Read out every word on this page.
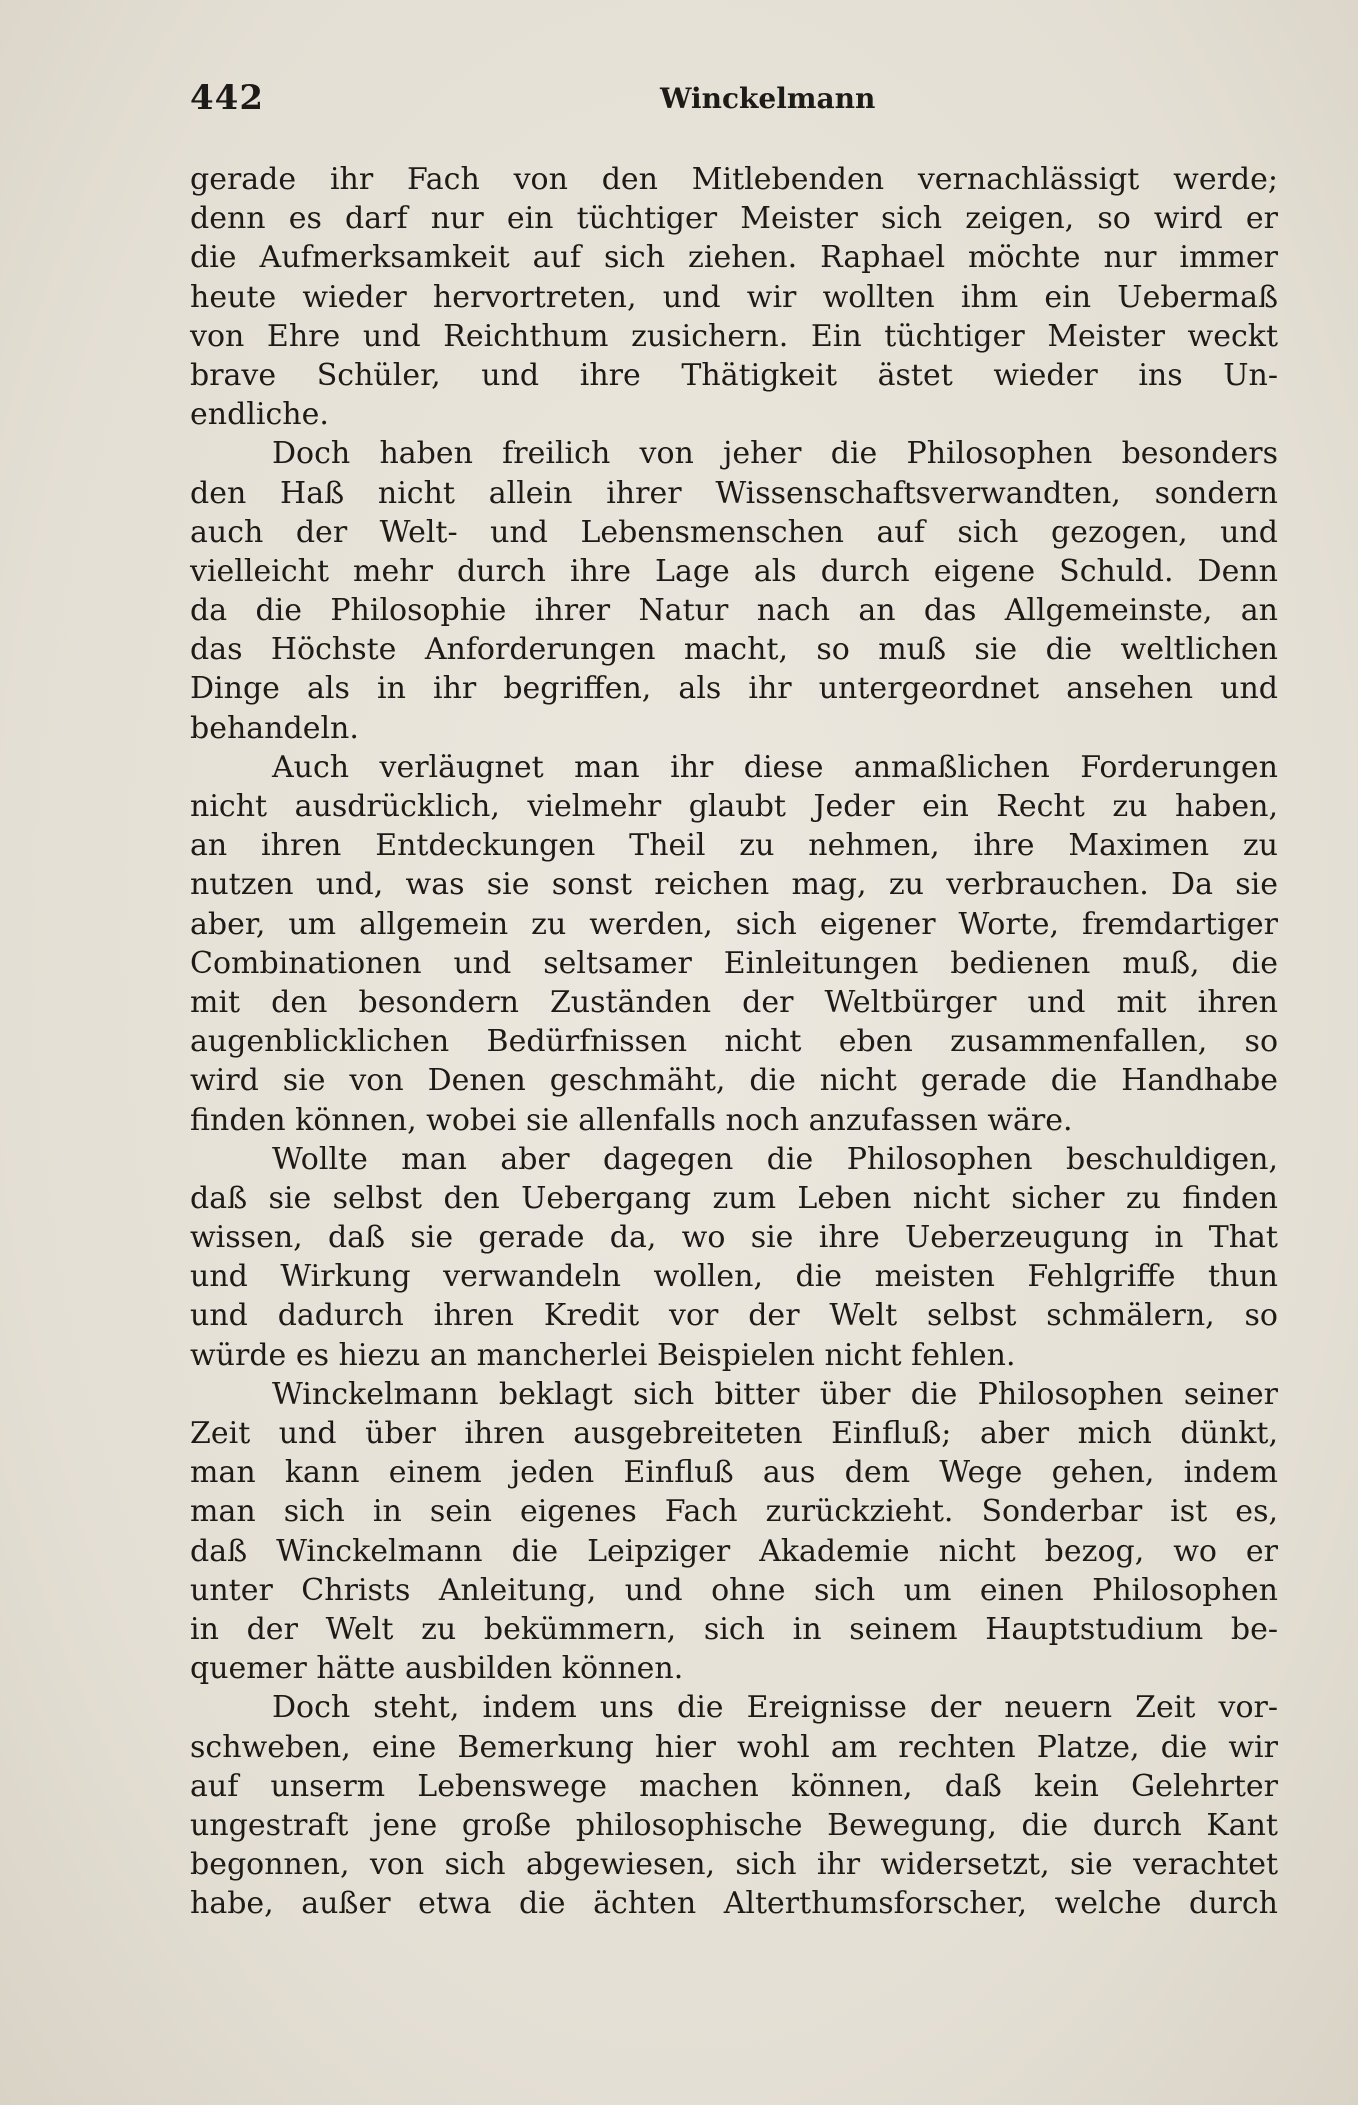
442	Winckelmann
gerade ihr Fach von den Mitlebenden vernachlässigt werde;
denn es darf nur ein tüchtiger Meister sich zeigen, so wird er
die Aufmerksamkeit auf sich ziehen. Raphael möchte nur immer
heute wieder hervortreten, und wir wollten ihm ein Uebermaß
von Ehre und Reichthum zusichern. Ein tüchtiger Meister weckt
brave Schüler, und ihre Thätigkeit ästet wieder ins Un-
endliche.
Doch haben freilich von jeher die Philosophen besonders
den Haß nicht allein ihrer Wissenschaftsverwandten, sondern
auch der Welt- und Lebensmenschen auf sich gezogen, und
vielleicht mehr durch ihre Lage als durch eigene Schuld. Denn
da die Philosophie ihrer Natur nach an das Allgemeinste, an
das Höchste Anforderungen macht, so muß sie die weltlichen
Dinge als in ihr begriffen, als ihr untergeordnet ansehen und
behandeln.
Auch verläugnet man ihr diese anmaßlichen Forderungen
nicht ausdrücklich, vielmehr glaubt Jeder ein Recht zu haben,
an ihren Entdeckungen Theil zu nehmen, ihre Maximen zu
nutzen und, was sie sonst reichen mag, zu verbrauchen. Da sie
aber, um allgemein zu werden, sich eigener Worte, fremdartiger
Combinationen und seltsamer Einleitungen bedienen muß, die
mit den besondern Zuständen der Weltbürger und mit ihren
augenblicklichen Bedürfnissen nicht eben zusammenfallen, so
wird sie von Denen geschmäht, die nicht gerade die Handhabe
finden können, wobei sie allenfalls noch anzufassen wäre.
Wollte man aber dagegen die Philosophen beschuldigen,
daß sie selbst den Uebergang zum Leben nicht sicher zu finden
wissen, daß sie gerade da, wo sie ihre Ueberzeugung in That
und Wirkung verwandeln wollen, die meisten Fehlgriffe thun
und dadurch ihren Kredit vor der Welt selbst schmälern, so
würde es hiezu an mancherlei Beispielen nicht fehlen.
Winckelmann beklagt sich bitter über die Philosophen seiner
Zeit und über ihren ausgebreiteten Einfluß; aber mich dünkt,
man kann einem jeden Einfluß aus dem Wege gehen, indem
man sich in sein eigenes Fach zurückzieht. Sonderbar ist es,
daß Winckelmann die Leipziger Akademie nicht bezog, wo er
unter Christs Anleitung, und ohne sich um einen Philosophen
in der Welt zu bekümmern, sich in seinem Hauptstudium be-
quemer hätte ausbilden können.
Doch steht, indem uns die Ereignisse der neuern Zeit vor-
schweben, eine Bemerkung hier wohl am rechten Platze, die wir
auf unserm Lebenswege machen können, daß kein Gelehrter
ungestraft jene große philosophische Bewegung, die durch Kant
begonnen, von sich abgewiesen, sich ihr widersetzt, sie verachtet
habe, außer etwa die ächten Alterthumsforscher, welche durch
